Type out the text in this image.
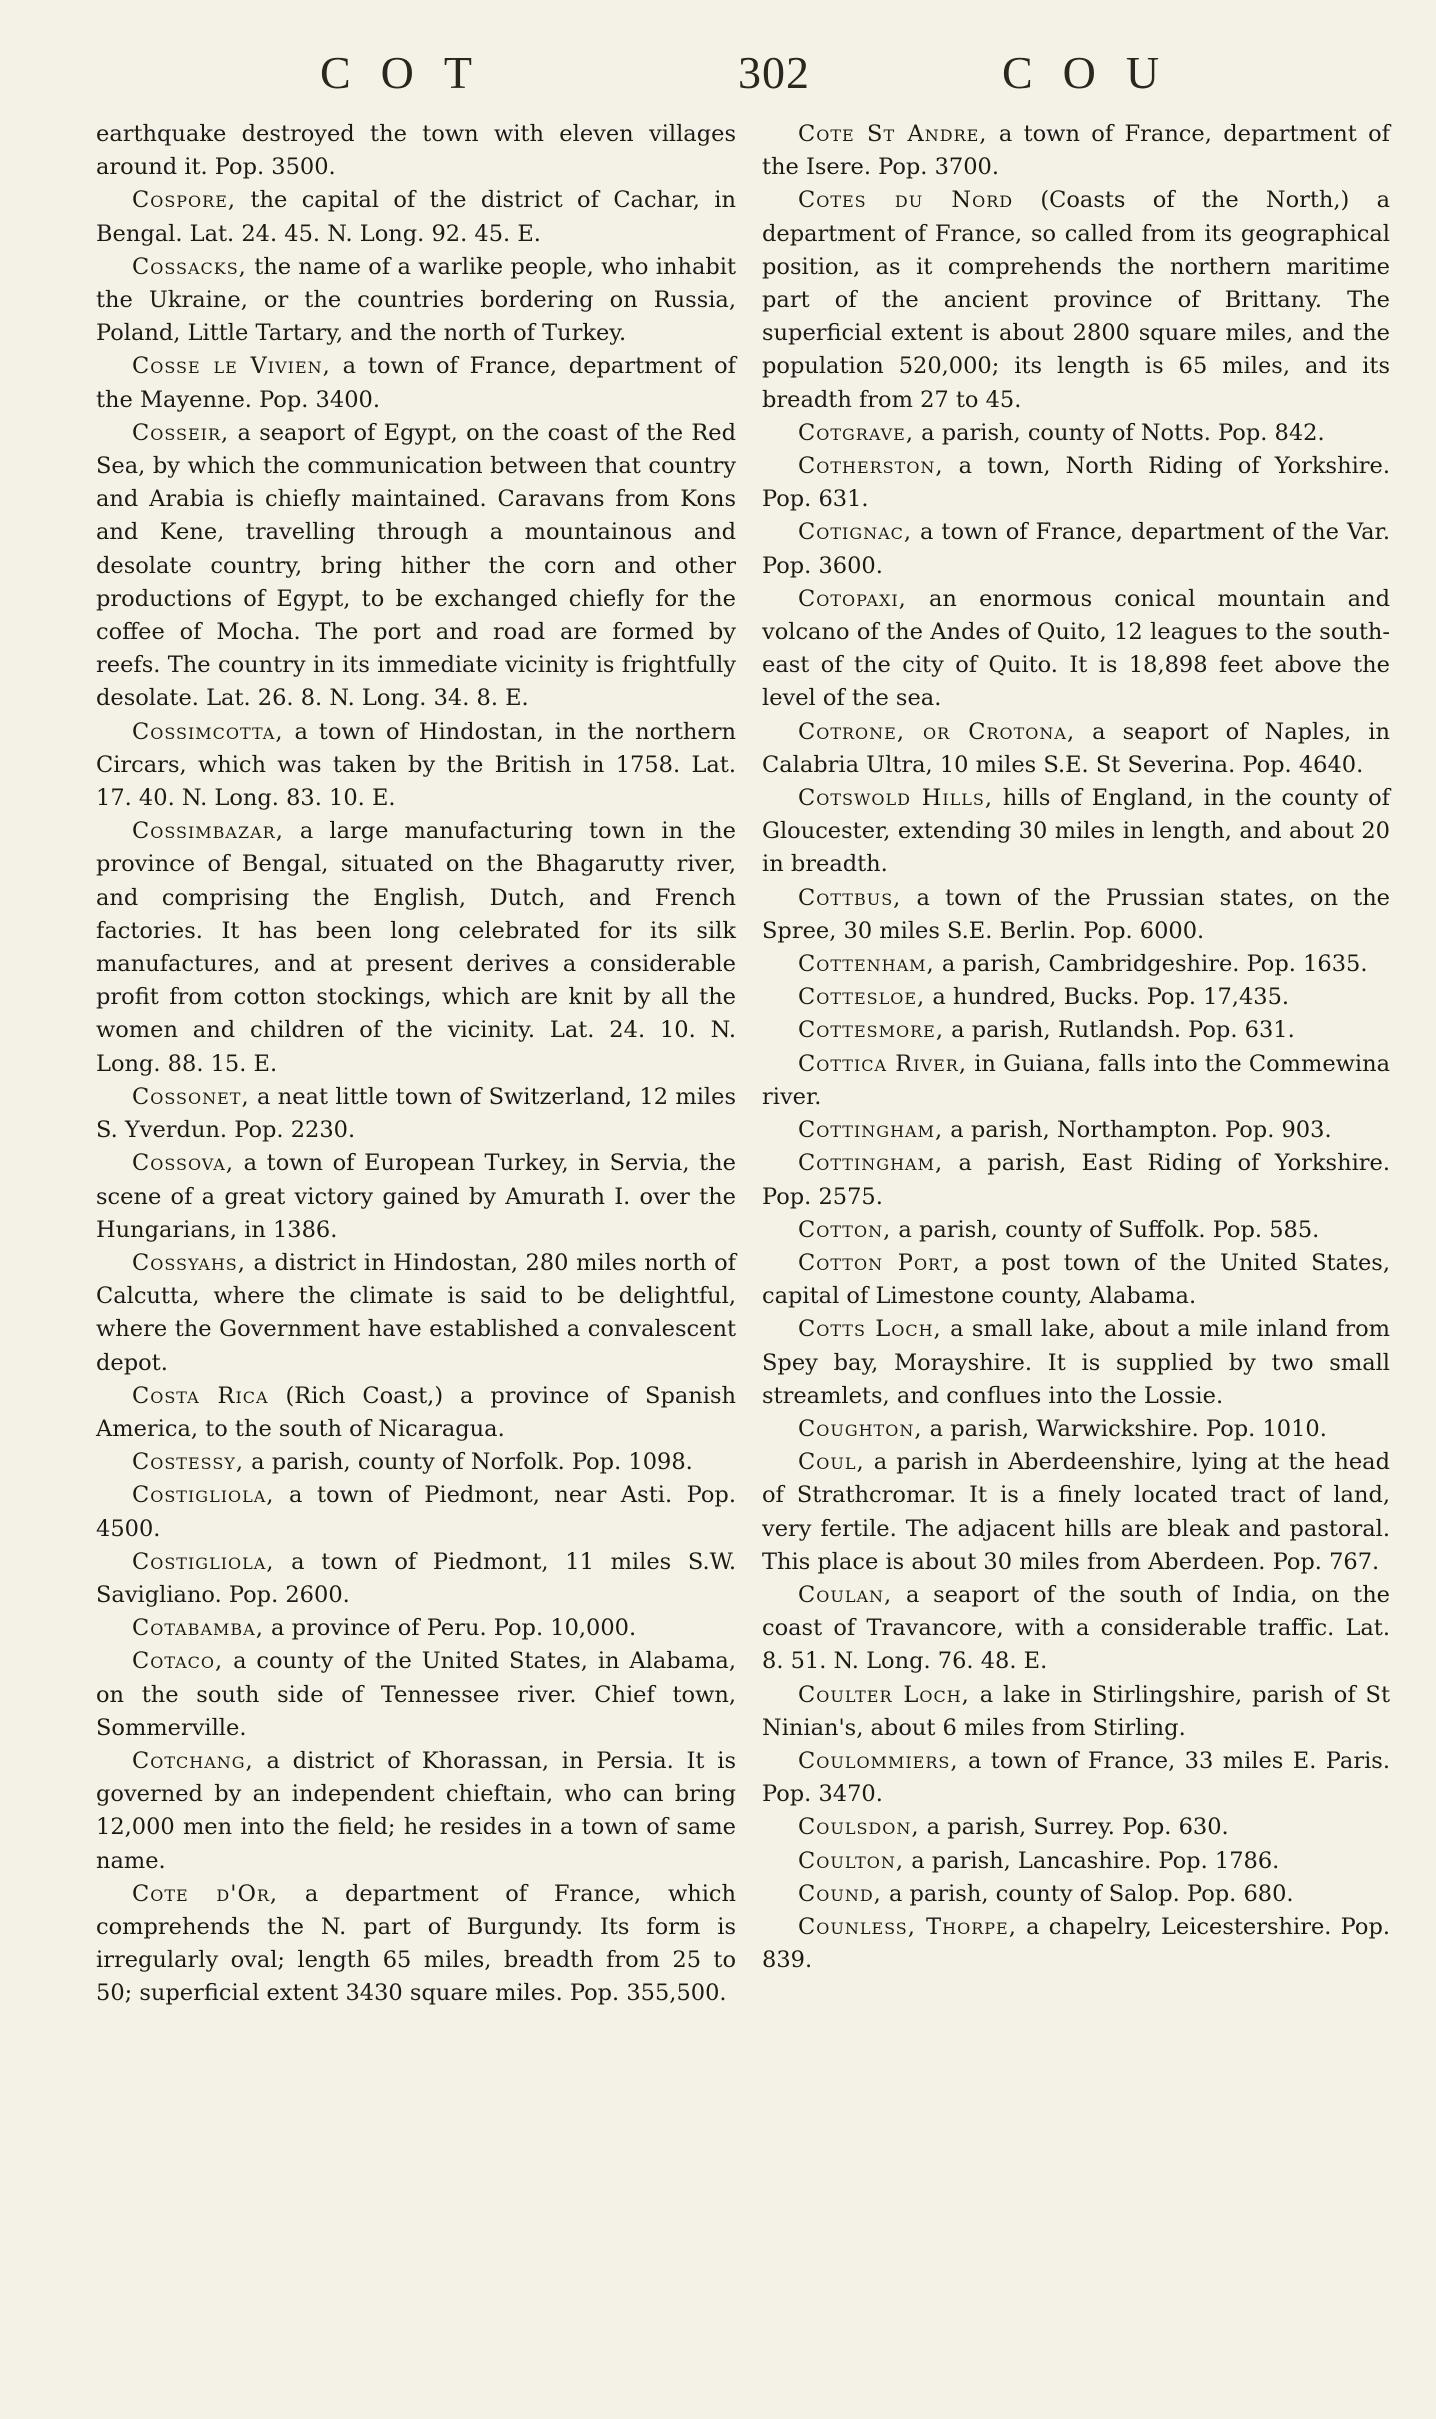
COT	302	COU

earthquake destroyed the town with eleven villages around it. Pop. 3500.

Cospore, the capital of the district of Cachar, in Bengal. Lat. 24. 45. N. Long. 92. 45. E.

Cossacks, the name of a warlike people, who inhabit the Ukraine, or the countries bordering on Russia, Poland, Little Tartary, and the north of Turkey.

Cosse le Vivien, a town of France, department of the Mayenne. Pop. 3400.

Cosseir, a seaport of Egypt, on the coast of the Red Sea, by which the communication between that country and Arabia is chiefly maintained. Caravans from Kons and Kene, travelling through a mountainous and desolate country, bring hither the corn and other productions of Egypt, to be exchanged chiefly for the coffee of Mocha. The port and road are formed by reefs. The country in its immediate vicinity is frightfully desolate. Lat. 26. 8. N. Long. 34. 8. E.

Cossimcotta, a town of Hindostan, in the northern Circars, which was taken by the British in 1758. Lat. 17. 40. N. Long. 83. 10. E.

Cossimbazar, a large manufacturing town in the province of Bengal, situated on the Bhagarutty river, and comprising the English, Dutch, and French factories. It has been long celebrated for its silk manufactures, and at present derives a considerable profit from cotton stockings, which are knit by all the women and children of the vicinity. Lat. 24. 10. N. Long. 88. 15. E.

Cossonet, a neat little town of Switzerland, 12 miles S. Yverdun. Pop. 2230.

Cossova, a town of European Turkey, in Servia, the scene of a great victory gained by Amurath I. over the Hungarians, in 1386.

Cossyahs, a district in Hindostan, 280 miles north of Calcutta, where the climate is said to be delightful, where the Government have established a convalescent depot.

Costa Rica (Rich Coast,) a province of Spanish America, to the south of Nicaragua.

Costessy, a parish, county of Norfolk. Pop. 1098.

Costigliola, a town of Piedmont, near Asti. Pop. 4500.

Costigliola, a town of Piedmont, 11 miles S.W. Savigliano. Pop. 2600.

Cotabamba, a province of Peru. Pop. 10,000.

Cotaco, a county of the United States, in Alabama, on the south side of Tennessee river. Chief town, Sommerville.

Cotchang, a district of Khorassan, in Persia. It is governed by an independent chieftain, who can bring 12,000 men into the field; he resides in a town of same name.

Cote d'Or, a department of France, which comprehends the N. part of Burgundy. Its form is irregularly oval; length 65 miles, breadth from 25 to 50; superficial extent 3430 square miles. Pop. 355,500.

Cote St Andre, a town of France, department of the Isere. Pop. 3700.

Cotes du Nord (Coasts of the North,) a department of France, so called from its geographical position, as it comprehends the northern maritime part of the ancient province of Brittany. The superficial extent is about 2800 square miles, and the population 520,000; its length is 65 miles, and its breadth from 27 to 45.

Cotgrave, a parish, county of Notts. Pop. 842.

Cotherston, a town, North Riding of Yorkshire. Pop. 631.

Cotignac, a town of France, department of the Var. Pop. 3600.

Cotopaxi, an enormous conical mountain and volcano of the Andes of Quito, 12 leagues to the south-east of the city of Quito. It is 18,898 feet above the level of the sea.

Cotrone, or Crotona, a seaport of Naples, in Calabria Ultra, 10 miles S.E. St Severina. Pop. 4640.

Cotswold Hills, hills of England, in the county of Gloucester, extending 30 miles in length, and about 20 in breadth.

Cottbus, a town of the Prussian states, on the Spree, 30 miles S.E. Berlin. Pop. 6000.

Cottenham, a parish, Cambridgeshire. Pop. 1635.

Cottesloe, a hundred, Bucks. Pop. 17,435.

Cottesmore, a parish, Rutlandsh. Pop. 631.

Cottica River, in Guiana, falls into the Commewina river.

Cottingham, a parish, Northampton. Pop. 903.

Cottingham, a parish, East Riding of Yorkshire. Pop. 2575.

Cotton, a parish, county of Suffolk. Pop. 585.

Cotton Port, a post town of the United States, capital of Limestone county, Alabama.

Cotts Loch, a small lake, about a mile inland from Spey bay, Morayshire. It is supplied by two small streamlets, and conflues into the Lossie.

Coughton, a parish, Warwickshire. Pop. 1010.

Coul, a parish in Aberdeenshire, lying at the head of Strathcromar. It is a finely located tract of land, very fertile. The adjacent hills are bleak and pastoral. This place is about 30 miles from Aberdeen. Pop. 767.

Coulan, a seaport of the south of India, on the coast of Travancore, with a considerable traffic. Lat. 8. 51. N. Long. 76. 48. E.

Coulter Loch, a lake in Stirlingshire, parish of St Ninian's, about 6 miles from Stirling.

Coulommiers, a town of France, 33 miles E. Paris. Pop. 3470.

Coulsdon, a parish, Surrey. Pop. 630.

Coulton, a parish, Lancashire. Pop. 1786.

Cound, a parish, county of Salop. Pop. 680.

Counless, Thorpe, a chapelry, Leicestershire. Pop. 839.
